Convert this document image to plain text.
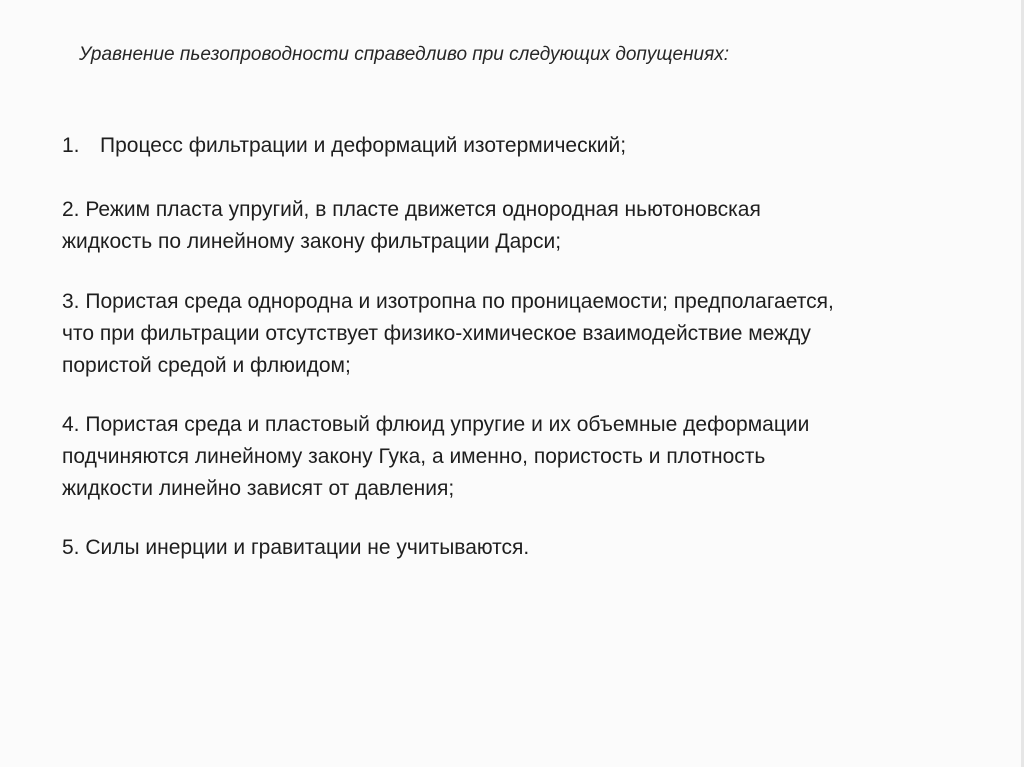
Уравнение пьезопроводности справедливо при следующих допущениях:
1. Процесс фильтрации и деформаций изотермический;
2. Режим пласта упругий, в пласте движется однородная ньютоновская
жидкость по линейному закону фильтрации Дарси;
3. Пористая среда однородна и изотропна по проницаемости; предполагается,
что при фильтрации отсутствует физико-химическое взаимодействие между
пористой средой и флюидом;
4. Пористая среда и пластовый флюид упругие и их объемные деформации
подчиняются линейному закону Гука, а именно, пористость и плотность
жидкости линейно зависят от давления;
5. Силы инерции и гравитации не учитываются.
